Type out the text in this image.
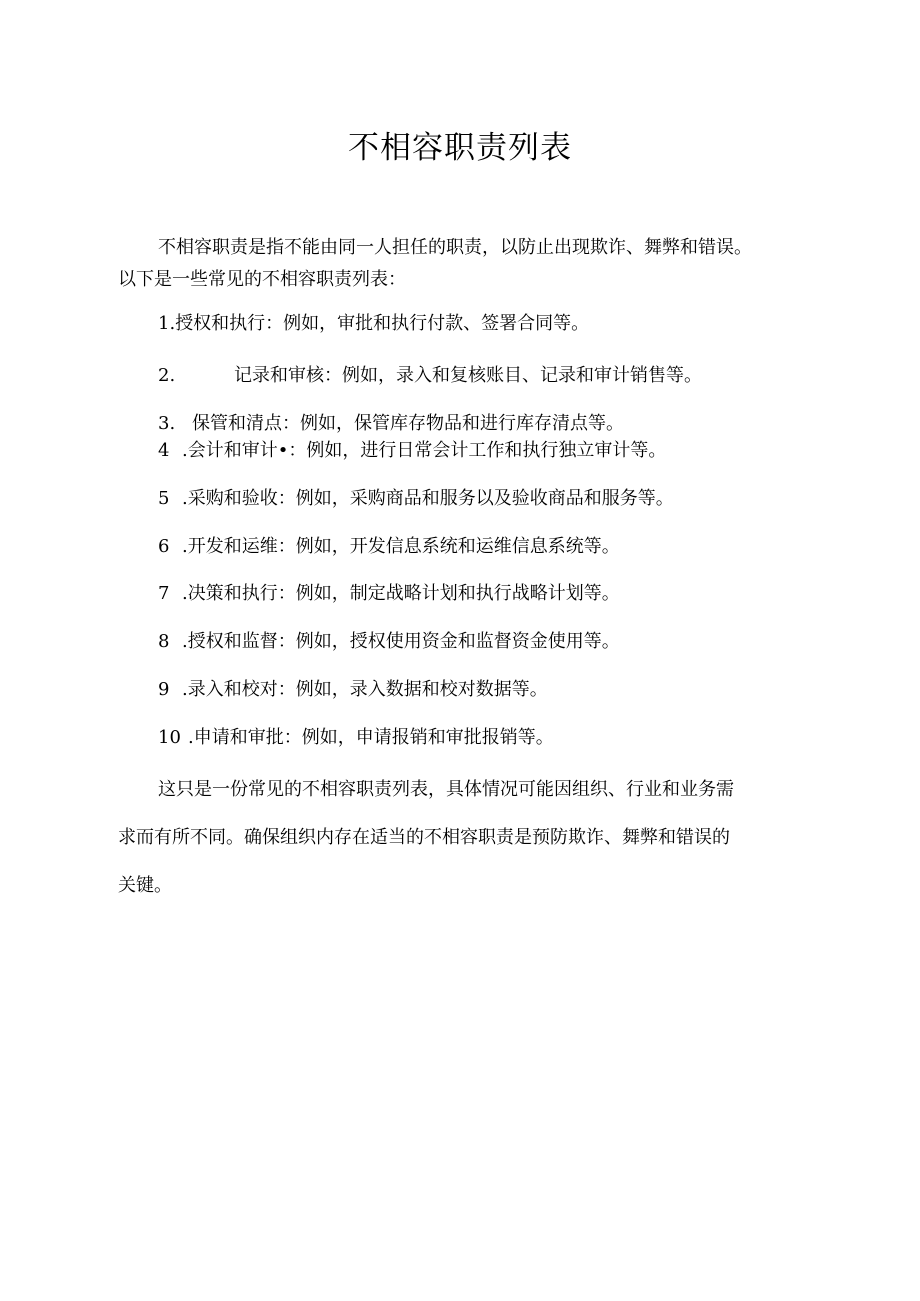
不相容职责列表
不相容职责是指不能由同一人担任的职责，以防止出现欺诈、舞弊和错误。
以下是一些常见的不相容职责列表：
1.授权和执行：例如，审批和执行付款、签署合同等。
2.	记录和审核：例如，录入和复核账目、记录和审计销售等。
3. 保管和清点：例如，保管库存物品和进行库存清点等。
4 .会计和审计•：例如，进行日常会计工作和执行独立审计等。
5 .采购和验收：例如，采购商品和服务以及验收商品和服务等。
6 .开发和运维：例如，开发信息系统和运维信息系统等。
7 .决策和执行：例如，制定战略计划和执行战略计划等。
8 .授权和监督：例如，授权使用资金和监督资金使用等。
9 .录入和校对：例如，录入数据和校对数据等。
10 .申请和审批：例如，申请报销和审批报销等。
这只是一份常见的不相容职责列表，具体情况可能因组织、行业和业务需
求而有所不同。确保组织内存在适当的不相容职责是预防欺诈、舞弊和错误的
关键。
